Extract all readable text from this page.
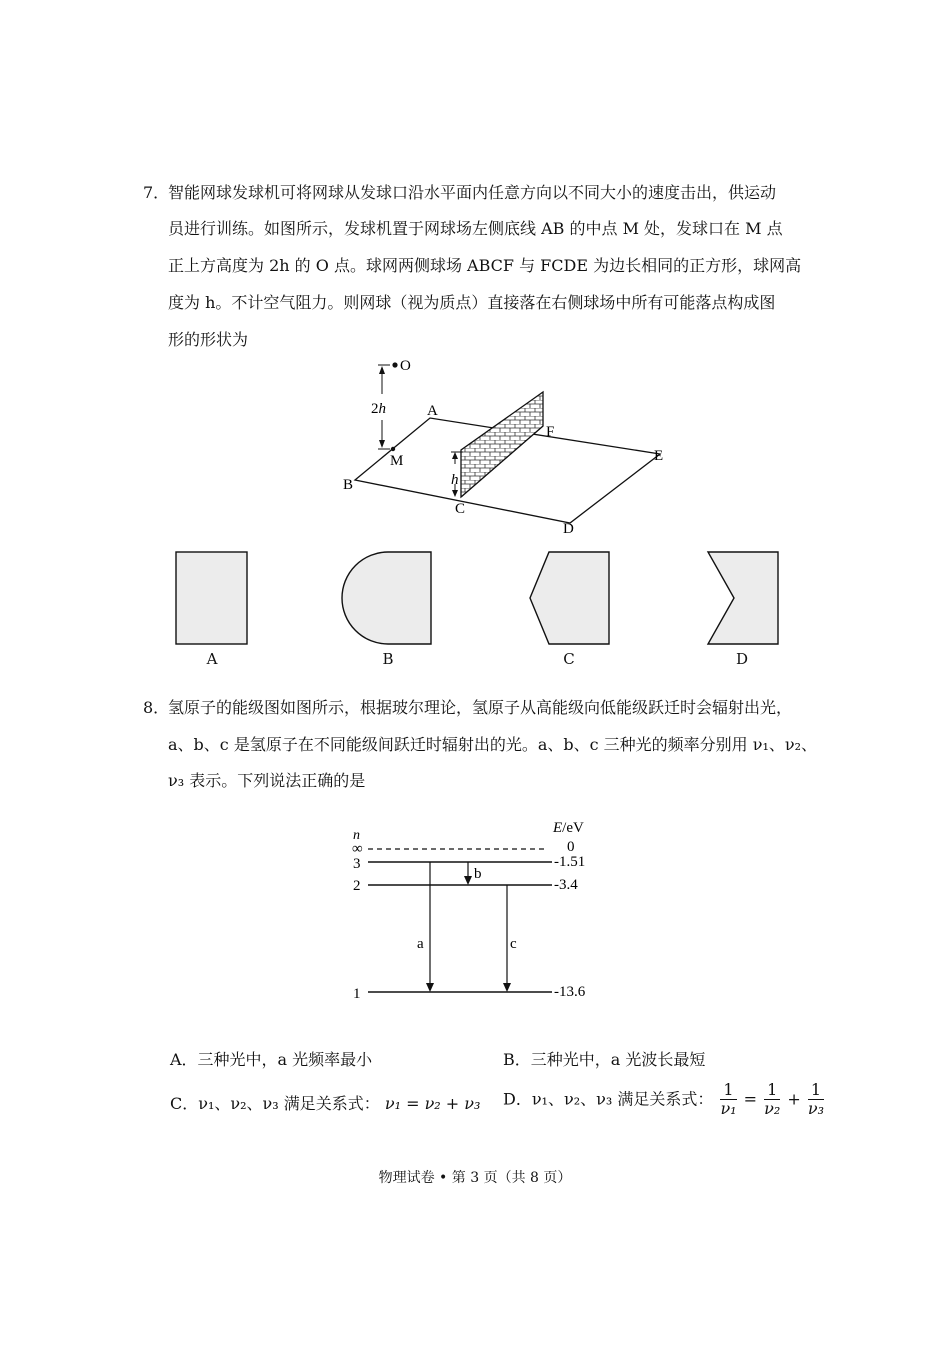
7．
智能网球发球机可将网球从发球口沿水平面内任意方向以不同大小的速度击出，供运动
员进行训练。如图所示，发球机置于网球场左侧底线 AB 的中点 M 处，发球口在 M 点
正上方高度为 2h 的 O 点。球网两侧球场 ABCF 与 FCDE 为边长相同的正方形，球网高
度为 h。不计空气阻力。则网球（视为质点）直接落在右侧球场中所有可能落点构成图
形的形状为
O
2h	A
F
M	E
B	h
C
D
A	B	C	D
8．
氢原子的能级图如图所示，根据玻尔理论，氢原子从高能级向低能级跃迁时会辐射出光，
a、b、c 是氢原子在不同能级间跃迁时辐射出的光。a、b、c 三种光的频率分别用 ν₁、ν₂、
ν₃ 表示。下列说法正确的是
n	E/eV
∞	0
3	-1.51
2	-3.4
1	-13.6
a
b
c
A．三种光中，a 光频率最小	B．三种光中，a 光波长最短
C．ν₁、ν₂、ν₃ 满足关系式： ν₁ = ν₂ + ν₃ D．ν₁、ν₂、ν₃ 满足关系式： $\frac{1}{\text{ν₁}} = \frac{1}{\text{ν₂}} + \frac{1}{\text{ν₃}}$
物理试卷 • 第 3 页（共 8 页）
